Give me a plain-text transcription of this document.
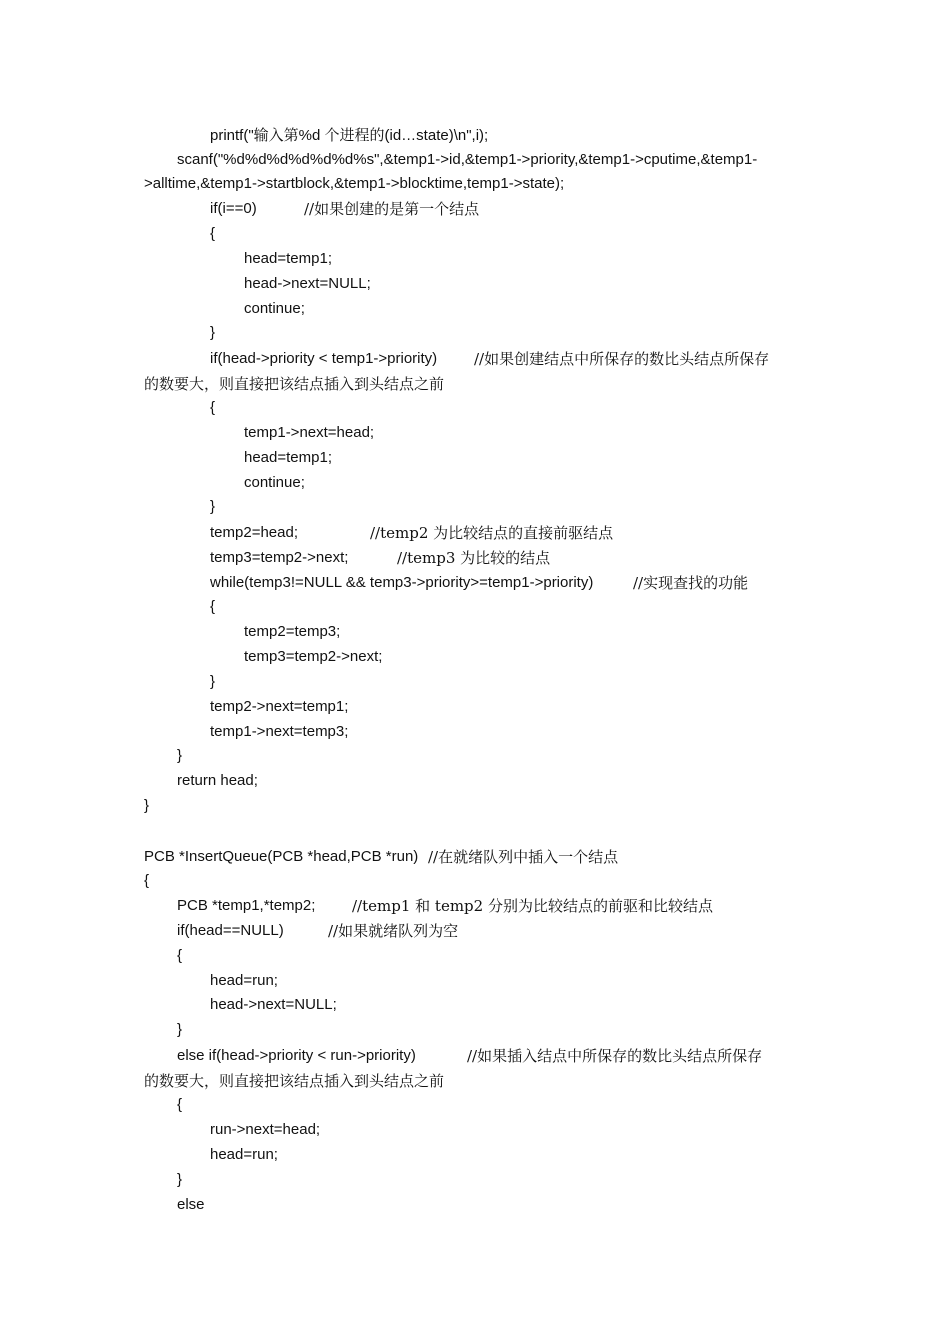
printf("输入第%d 个进程的(id…state)\n",i);
scanf("%d%d%d%d%d%d%s",&temp1->id,&temp1->priority,&temp1->cputime,&temp1-
>alltime,&temp1->startblock,&temp1->blocktime,temp1->state);
if(i==0)	//如果创建的是第一个结点
{
head=temp1;
head->next=NULL;
continue;
}
if(head->priority < temp1->priority) //如果创建结点中所保存的数比头结点所保存
的数要大，则直接把该结点插入到头结点之前
{
temp1->next=head;
head=temp1;
continue;
}
temp2=head;	//temp2 为比较结点的直接前驱结点
temp3=temp2->next;	//temp3 为比较的结点
while(temp3!=NULL && temp3->priority>=temp1->priority)	//实现查找的功能
{
temp2=temp3;
temp3=temp2->next;
}
temp2->next=temp1;
temp1->next=temp3;
}
return head;
}
PCB *InsertQueue(PCB *head,PCB *run) //在就绪队列中插入一个结点
{
PCB *temp1,*temp2; //temp1 和 temp2 分别为比较结点的前驱和比较结点
if(head==NULL)	//如果就绪队列为空
{
head=run;
head->next=NULL;
}
else if(head->priority < run->priority)	//如果插入结点中所保存的数比头结点所保存
的数要大，则直接把该结点插入到头结点之前
{
run->next=head;
head=run;
}
else
